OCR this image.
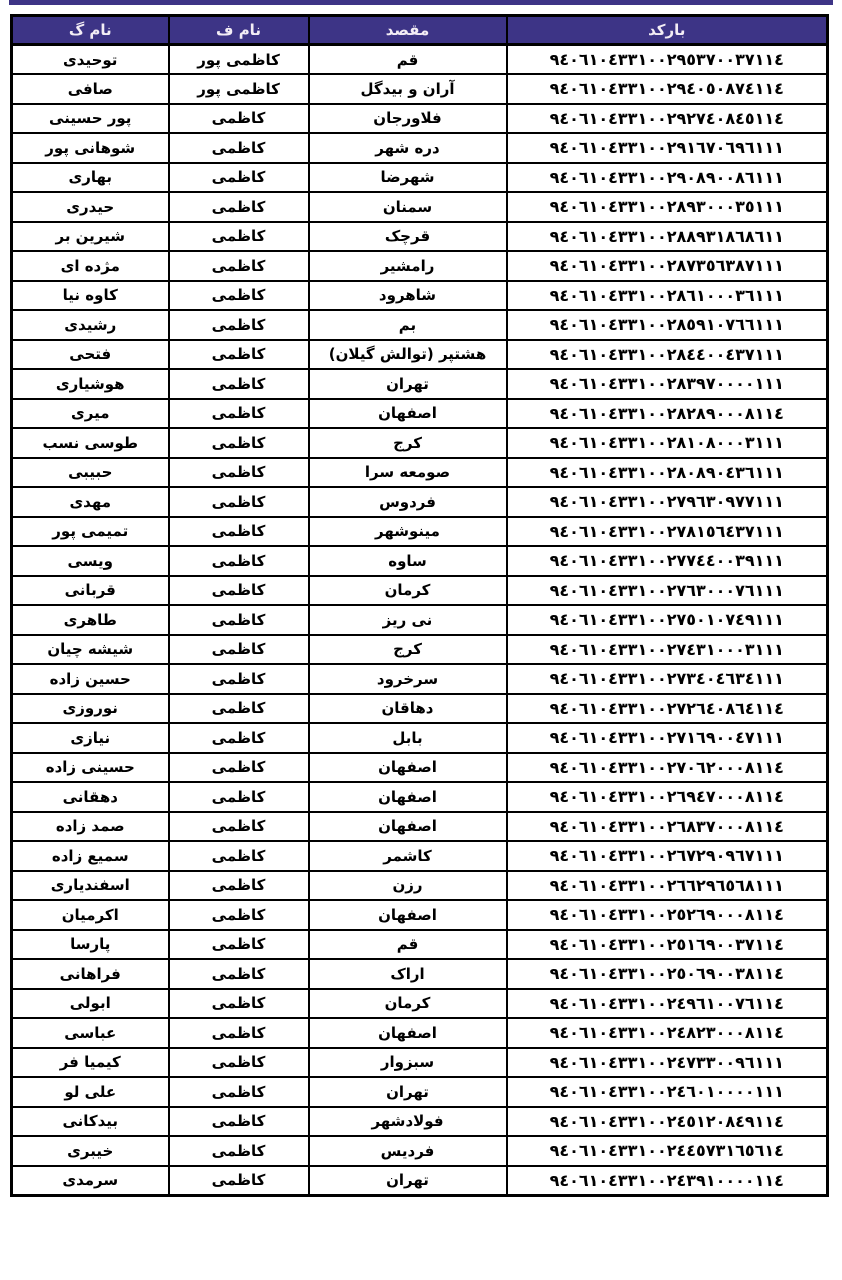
بارکد	مقصد	نام ف	نام گ
٩٤٠٦١٠٤٣٣١٠٠٢٩٥٣٧٠٠٣٧١١٤	قم	کاظمی پور	توحیدی
٩٤٠٦١٠٤٣٣١٠٠٢٩٤٠٥٠٨٧٤١١٤	آران و بیدگل	کاظمی پور	صافی
٩٤٠٦١٠٤٣٣١٠٠٢٩٢٧٤٠٨٤٥١١٤	فلاورجان	کاظمی	پور حسینی
٩٤٠٦١٠٤٣٣١٠٠٢٩١٦٧٠٦٩٦١١١	دره شهر	کاظمی	شوهانی پور
٩٤٠٦١٠٤٣٣١٠٠٢٩٠٨٩٠٠٨٦١١١	شهرضا	کاظمی	بهاری
٩٤٠٦١٠٤٣٣١٠٠٢٨٩٣٠٠٠٣٥١١١	سمنان	کاظمی	حیدری
٩٤٠٦١٠٤٣٣١٠٠٢٨٨٩٣١٨٦٨٦١١	قرچک	کاظمی	شیرین بر
٩٤٠٦١٠٤٣٣١٠٠٢٨٧٣٥٦٣٨٧١١١	رامشیر	کاظمی	مژده ای
٩٤٠٦١٠٤٣٣١٠٠٢٨٦١٠٠٠٣٦١١١	شاهرود	کاظمی	کاوه نیا
٩٤٠٦١٠٤٣٣١٠٠٢٨٥٩١٠٧٦٦١١١	بم	کاظمی	رشیدی
٩٤٠٦١٠٤٣٣١٠٠٢٨٤٤٠٠٤٣٧١١١	هشتپر (توالش گیلان)	کاظمی	فتحی
٩٤٠٦١٠٤٣٣١٠٠٢٨٣٩٧٠٠٠٠١١١	تهران	کاظمی	هوشیاری
٩٤٠٦١٠٤٣٣١٠٠٢٨٢٨٩٠٠٠٨١١٤	اصفهان	کاظمی	میری
٩٤٠٦١٠٤٣٣١٠٠٢٨١٠٨٠٠٠٣١١١	کرج	کاظمی	طوسی نسب
٩٤٠٦١٠٤٣٣١٠٠٢٨٠٨٩٠٤٣٦١١١	صومعه سرا	کاظمی	حبیبی
٩٤٠٦١٠٤٣٣١٠٠٢٧٩٦٣٠٩٧٧١١١	فردوس	کاظمی	مهدی
٩٤٠٦١٠٤٣٣١٠٠٢٧٨١٥٦٤٣٧١١١	مینوشهر	کاظمی	تمیمی پور
٩٤٠٦١٠٤٣٣١٠٠٢٧٧٤٤٠٠٣٩١١١	ساوه	کاظمی	ویسی
٩٤٠٦١٠٤٣٣١٠٠٢٧٦٣٠٠٠٧٦١١١	کرمان	کاظمی	قربانی
٩٤٠٦١٠٤٣٣١٠٠٢٧٥٠١٠٧٤٩١١١	نی ریز	کاظمی	طاهری
٩٤٠٦١٠٤٣٣١٠٠٢٧٤٣١٠٠٠٣١١١	کرج	کاظمی	شیشه چیان
٩٤٠٦١٠٤٣٣١٠٠٢٧٣٤٠٤٦٣٤١١١	سرخرود	کاظمی	حسین زاده
٩٤٠٦١٠٤٣٣١٠٠٢٧٢٦٤٠٨٦٤١١٤	دهاقان	کاظمی	نوروزی
٩٤٠٦١٠٤٣٣١٠٠٢٧١٦٩٠٠٤٧١١١	بابل	کاظمی	نیازی
٩٤٠٦١٠٤٣٣١٠٠٢٧٠٦٢٠٠٠٨١١٤	اصفهان	کاظمی	حسینی زاده
٩٤٠٦١٠٤٣٣١٠٠٢٦٩٤٧٠٠٠٨١١٤	اصفهان	کاظمی	دهقانی
٩٤٠٦١٠٤٣٣١٠٠٢٦٨٣٧٠٠٠٨١١٤	اصفهان	کاظمی	صمد زاده
٩٤٠٦١٠٤٣٣١٠٠٢٦٧٢٩٠٩٦٧١١١	کاشمر	کاظمی	سمیع زاده
٩٤٠٦١٠٤٣٣١٠٠٢٦٦٢٩٦٥٦٨١١١	رزن	کاظمی	اسفندیاری
٩٤٠٦١٠٤٣٣١٠٠٢٥٢٦٩٠٠٠٨١١٤	اصفهان	کاظمی	اکرمیان
٩٤٠٦١٠٤٣٣١٠٠٢٥١٦٩٠٠٣٧١١٤	قم	کاظمی	پارسا
٩٤٠٦١٠٤٣٣١٠٠٢٥٠٦٩٠٠٣٨١١٤	اراک	کاظمی	فراهانی
٩٤٠٦١٠٤٣٣١٠٠٢٤٩٦١٠٠٧٦١١٤	کرمان	کاظمی	ابولی
٩٤٠٦١٠٤٣٣١٠٠٢٤٨٢٣٠٠٠٨١١٤	اصفهان	کاظمی	عباسی
٩٤٠٦١٠٤٣٣١٠٠٢٤٧٣٣٠٠٩٦١١١	سبزوار	کاظمی	کیمیا فر
٩٤٠٦١٠٤٣٣١٠٠٢٤٦٠١٠٠٠٠١١١	تهران	کاظمی	علی لو
٩٤٠٦١٠٤٣٣١٠٠٢٤٥١٢٠٨٤٩١١٤	فولادشهر	کاظمی	بیدکانی
٩٤٠٦١٠٤٣٣١٠٠٢٤٤٥٧٣١٦٥٦١٤	فردیس	کاظمی	خیبری
٩٤٠٦١٠٤٣٣١٠٠٢٤٣٩١٠٠٠٠١١٤	تهران	کاظمی	سرمدی
